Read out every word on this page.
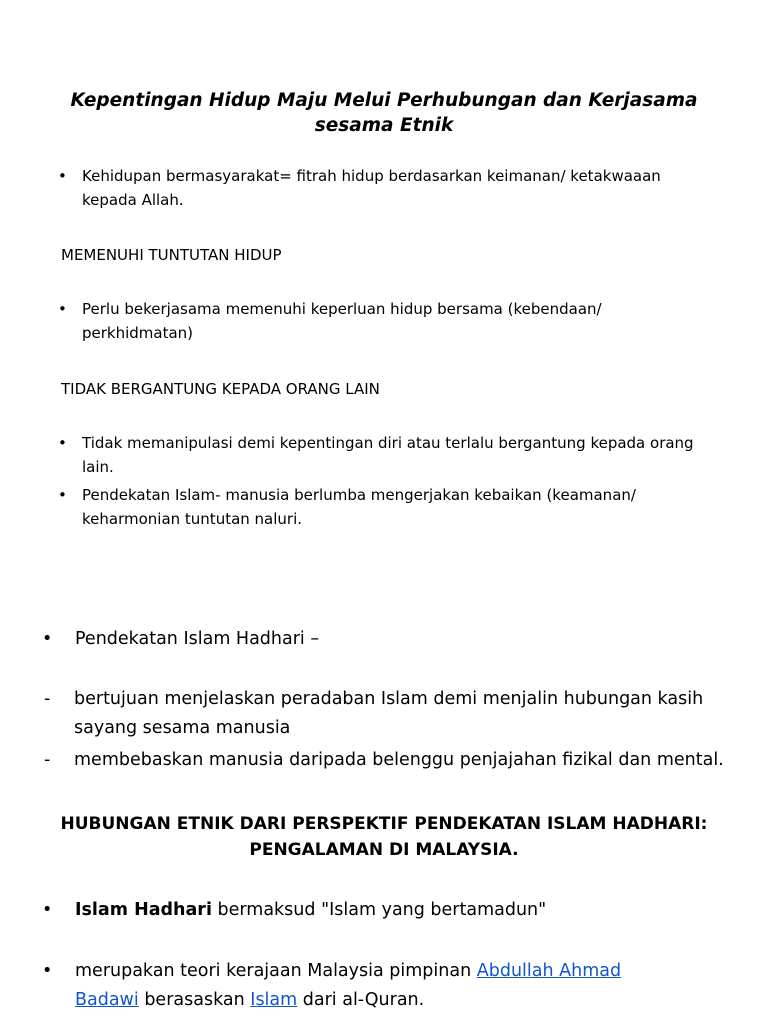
Kepentingan Hidup Maju Melui Perhubungan dan Kerjasama
sesama Etnik
•	Kehidupan bermasyarakat= fitrah hidup berdasarkan keimanan/ ketakwaaan kepada Allah.
MEMENUHI TUNTUTAN HIDUP
•	Perlu bekerjasama memenuhi keperluan hidup bersama (kebendaan/ perkhidmatan)
TIDAK BERGANTUNG KEPADA ORANG LAIN
•	Tidak memanipulasi demi kepentingan diri atau terlalu bergantung kepada orang lain.
•	Pendekatan Islam- manusia berlumba mengerjakan kebaikan (keamanan/ keharmonian tuntutan naluri.
•	Pendekatan Islam Hadhari –
-	bertujuan menjelaskan peradaban Islam demi menjalin hubungan kasih sayang sesama manusia
-	membebaskan manusia daripada belenggu penjajahan fizikal dan mental.
HUBUNGAN ETNIK DARI PERSPEKTIF PENDEKATAN ISLAM HADHARI:
PENGALAMAN DI MALAYSIA.
•	Islam Hadhari bermaksud "Islam yang bertamadun"
•	merupakan teori kerajaan Malaysia pimpinan Abdullah Ahmad Badawi berasaskan Islam dari al-Quran.
